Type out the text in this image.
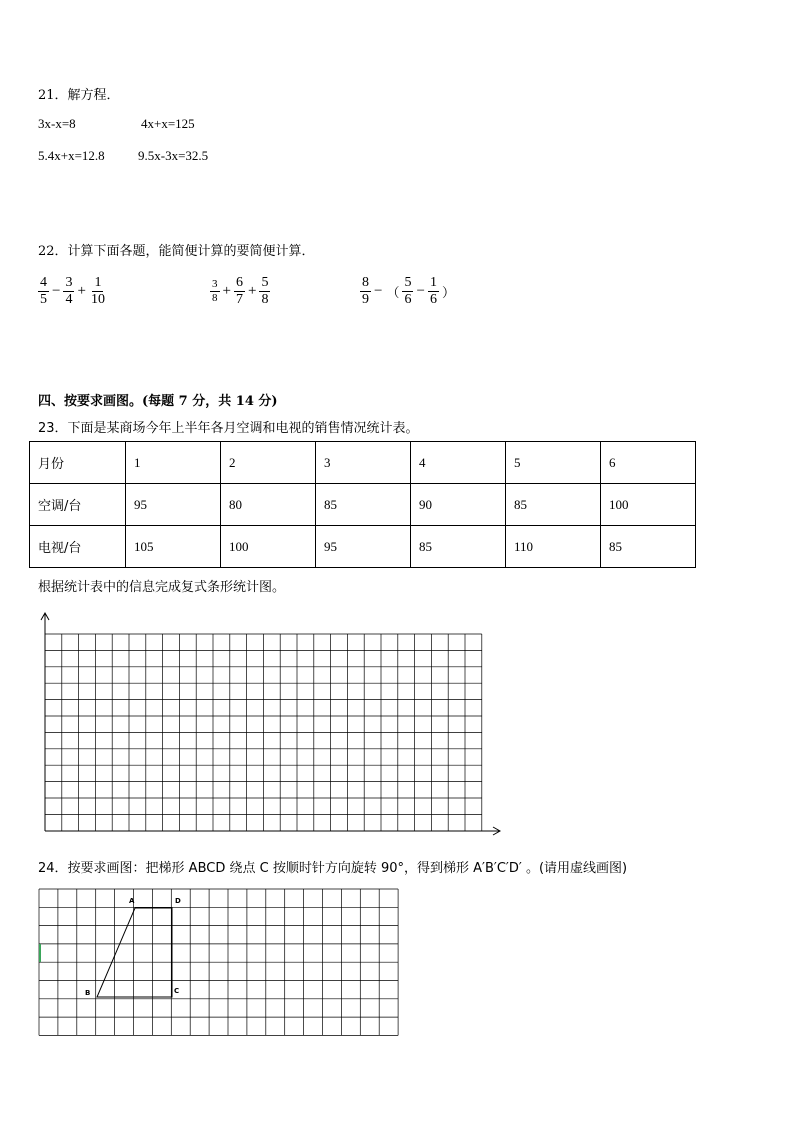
21．解方程．
3x-x=8	4x+x=125
5.4x+x=12.8	9.5x-3x=32.5
22．计算下面各题，能简便计算的要简便计算．
$\frac{4}{5} - \frac{3}{4} + \frac{1}{10}$	$\frac{3}{8} + \frac{6}{7} + \frac{5}{8}$	$\frac{8}{9}$ − （ $\frac{5}{6} - \frac{1}{6}$ ）
四、按要求画图。(每题 7 分，共 14 分)
23．下面是某商场今年上半年各月空调和电视的销售情况统计表。
月份	1	2	3	4	5	6
空调/台	95	80	85	90	85	100
电视/台	105	100	95	85	110	85
根据统计表中的信息完成复式条形统计图。
A	D
B	C
24．按要求画图：把梯形 ABCD 绕点 C 按顺时针方向旋转 90°，得到梯形 A′B′C′D′ 。(请用虚线画图)
